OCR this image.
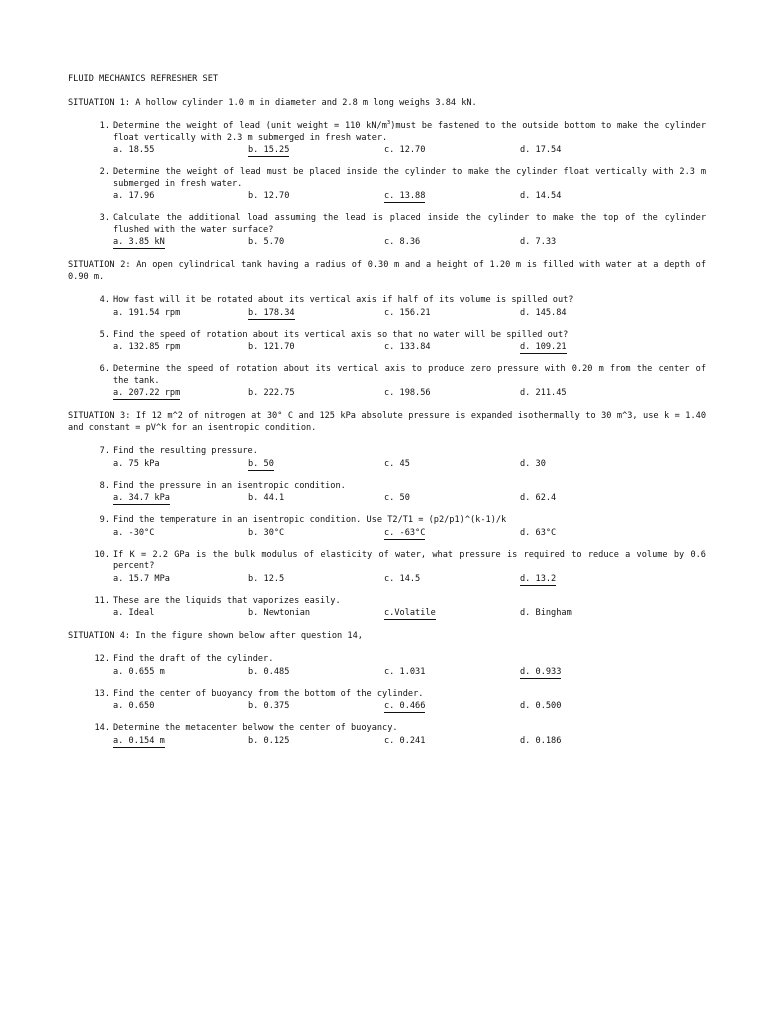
FLUID MECHANICS REFRESHER SET
SITUATION 1: A hollow cylinder 1.0 m in diameter and 2.8 m long weighs 3.84 kN.
1. Determine the weight of lead (unit weight = 110 $kN/m^3)must$ be fastened to the outside bottom to make the cylinder float vertically with 2.3 m submerged in fresh water.
a. 18.55	b. 15.25	c. 12.70	d. 17.54
2. Determine the weight of lead must be placed inside the cylinder to make the cylinder float vertically with 2.3 m submerged in fresh water.
a. 17.96	b. 12.70	c. 13.88	d. 14.54
3. Calculate the additional load assuming the lead is placed inside the cylinder to make the top of the cylinder flushed with the water surface?
a. 3.85 kN	b. 5.70	c. 8.36	d. 7.33
SITUATION 2: An open cylindrical tank having a radius of 0.30 m and a height of 1.20 m is filled with water at a depth of 0.90 m.
4. How fast will it be rotated about its vertical axis if half of its volume is spilled out?
a. 191.54 rpm	b. 178.34	c. 156.21	d. 145.84
5. Find the speed of rotation about its vertical axis so that no water will be spilled out?
a. 132.85 rpm	b. 121.70	c. 133.84	d. 109.21
6. Determine the speed of rotation about its vertical axis to produce zero pressure with 0.20 m from the center of the tank.
a. 207.22 rpm	b. 222.75	c. 198.56	d. 211.45
SITUATION 3: If 12 m^2 of nitrogen at 30° C and 125 kPa absolute pressure is expanded isothermally to 30 m^3, use k = 1.40 and constant = pV^k for an isentropic condition.
7. Find the resulting pressure.
a. 75 kPa	b. 50	c. 45	d. 30
8. Find the pressure in an isentropic condition.
a. 34.7 kPa	b. 44.1	c. 50	d. 62.4
9. Find the temperature in an isentropic condition. Use T2/T1 = (p2/p1)^(k-1)/k
a. -30°C	b. 30°C	c. -63°C	d. 63°C
10. If K = 2.2 GPa is the bulk modulus of elasticity of water, what pressure is required to reduce a volume by 0.6 percent?
a. 15.7 MPa	b. 12.5	c. 14.5	d. 13.2
11. These are the liquids that vaporizes easily.
a. Ideal	b. Newtonian	c.Volatile	d. Bingham
SITUATION 4: In the figure shown below after question 14,
12. Find the draft of the cylinder.
a. 0.655 m	b. 0.485	c. 1.031	d. 0.933
13. Find the center of buoyancy from the bottom of the cylinder.
a. 0.650	b. 0.375	c. 0.466	d. 0.500
14. Determine the metacenter belwow the center of buoyancy.
a. 0.154 m	b. 0.125	c. 0.241	d. 0.186
